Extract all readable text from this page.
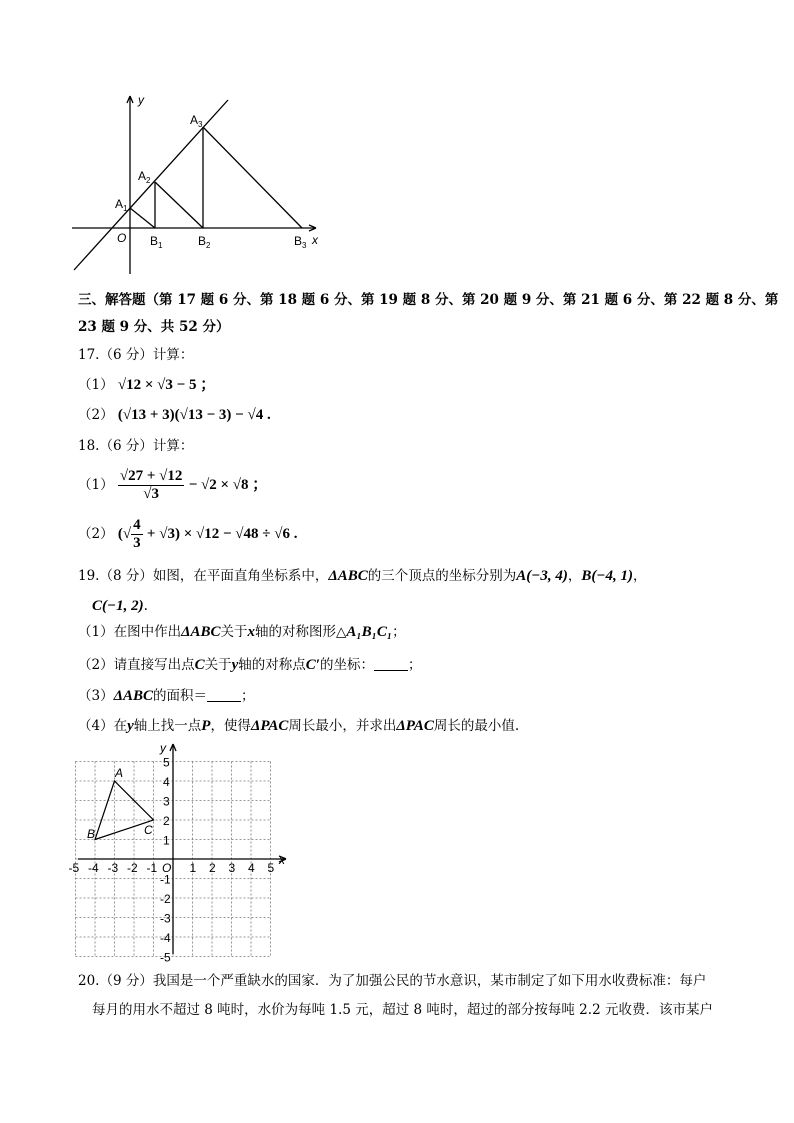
y
x
O
$A_1$
$A_2$
$A_3$
$B_1$	$B_2$	$B_3$
三、解答题（第 17 题 6 分、第 18 题 6 分、第 19 题 8 分、第 20 题 9 分、第 21 题 6 分、第 22 题 8 分、第
23 题 9 分、共 52 分）
17.（6 分）计算：
（1） √12 × √3 − 5 ；
（2） (√13 + 3)(√13 − 3) − √4 .
18.（6 分）计算：
$(1) \frac{√27 + √12}{√3} - √2 \times √8$ ；
（2） (√ $\frac{4}{3} + √3) \times √12 - √48 \div √6$ .
19.（8 分）如图，在平面直角坐标系中，ΔABC的三个顶点的坐标分别为A(−3, 4)，B(−4, 1)，
C(−1, 2).
（1）在图中作出ΔABC关于x轴的对称图形△A₁B₁C₁；
（2）请直接写出点C关于y轴的对称点C′的坐标：	；
（3）ΔABC的面积＝	；
（4）在y轴上找一点P，使得ΔPAC周长最小，并求出ΔPAC周长的最小值.
A
B	C
O
x
y
-5 -4 -3 -2 -1	1 2 3 4 5
5
4
3
2
1
-1
-2
-3
-4
-5
20.（9 分）我国是一个严重缺水的国家．为了加强公民的节水意识，某市制定了如下用水收费标准：每户
每月的用水不超过 8 吨时，水价为每吨 1.5 元，超过 8 吨时，超过的部分按每吨 2.2 元收费．该市某户
